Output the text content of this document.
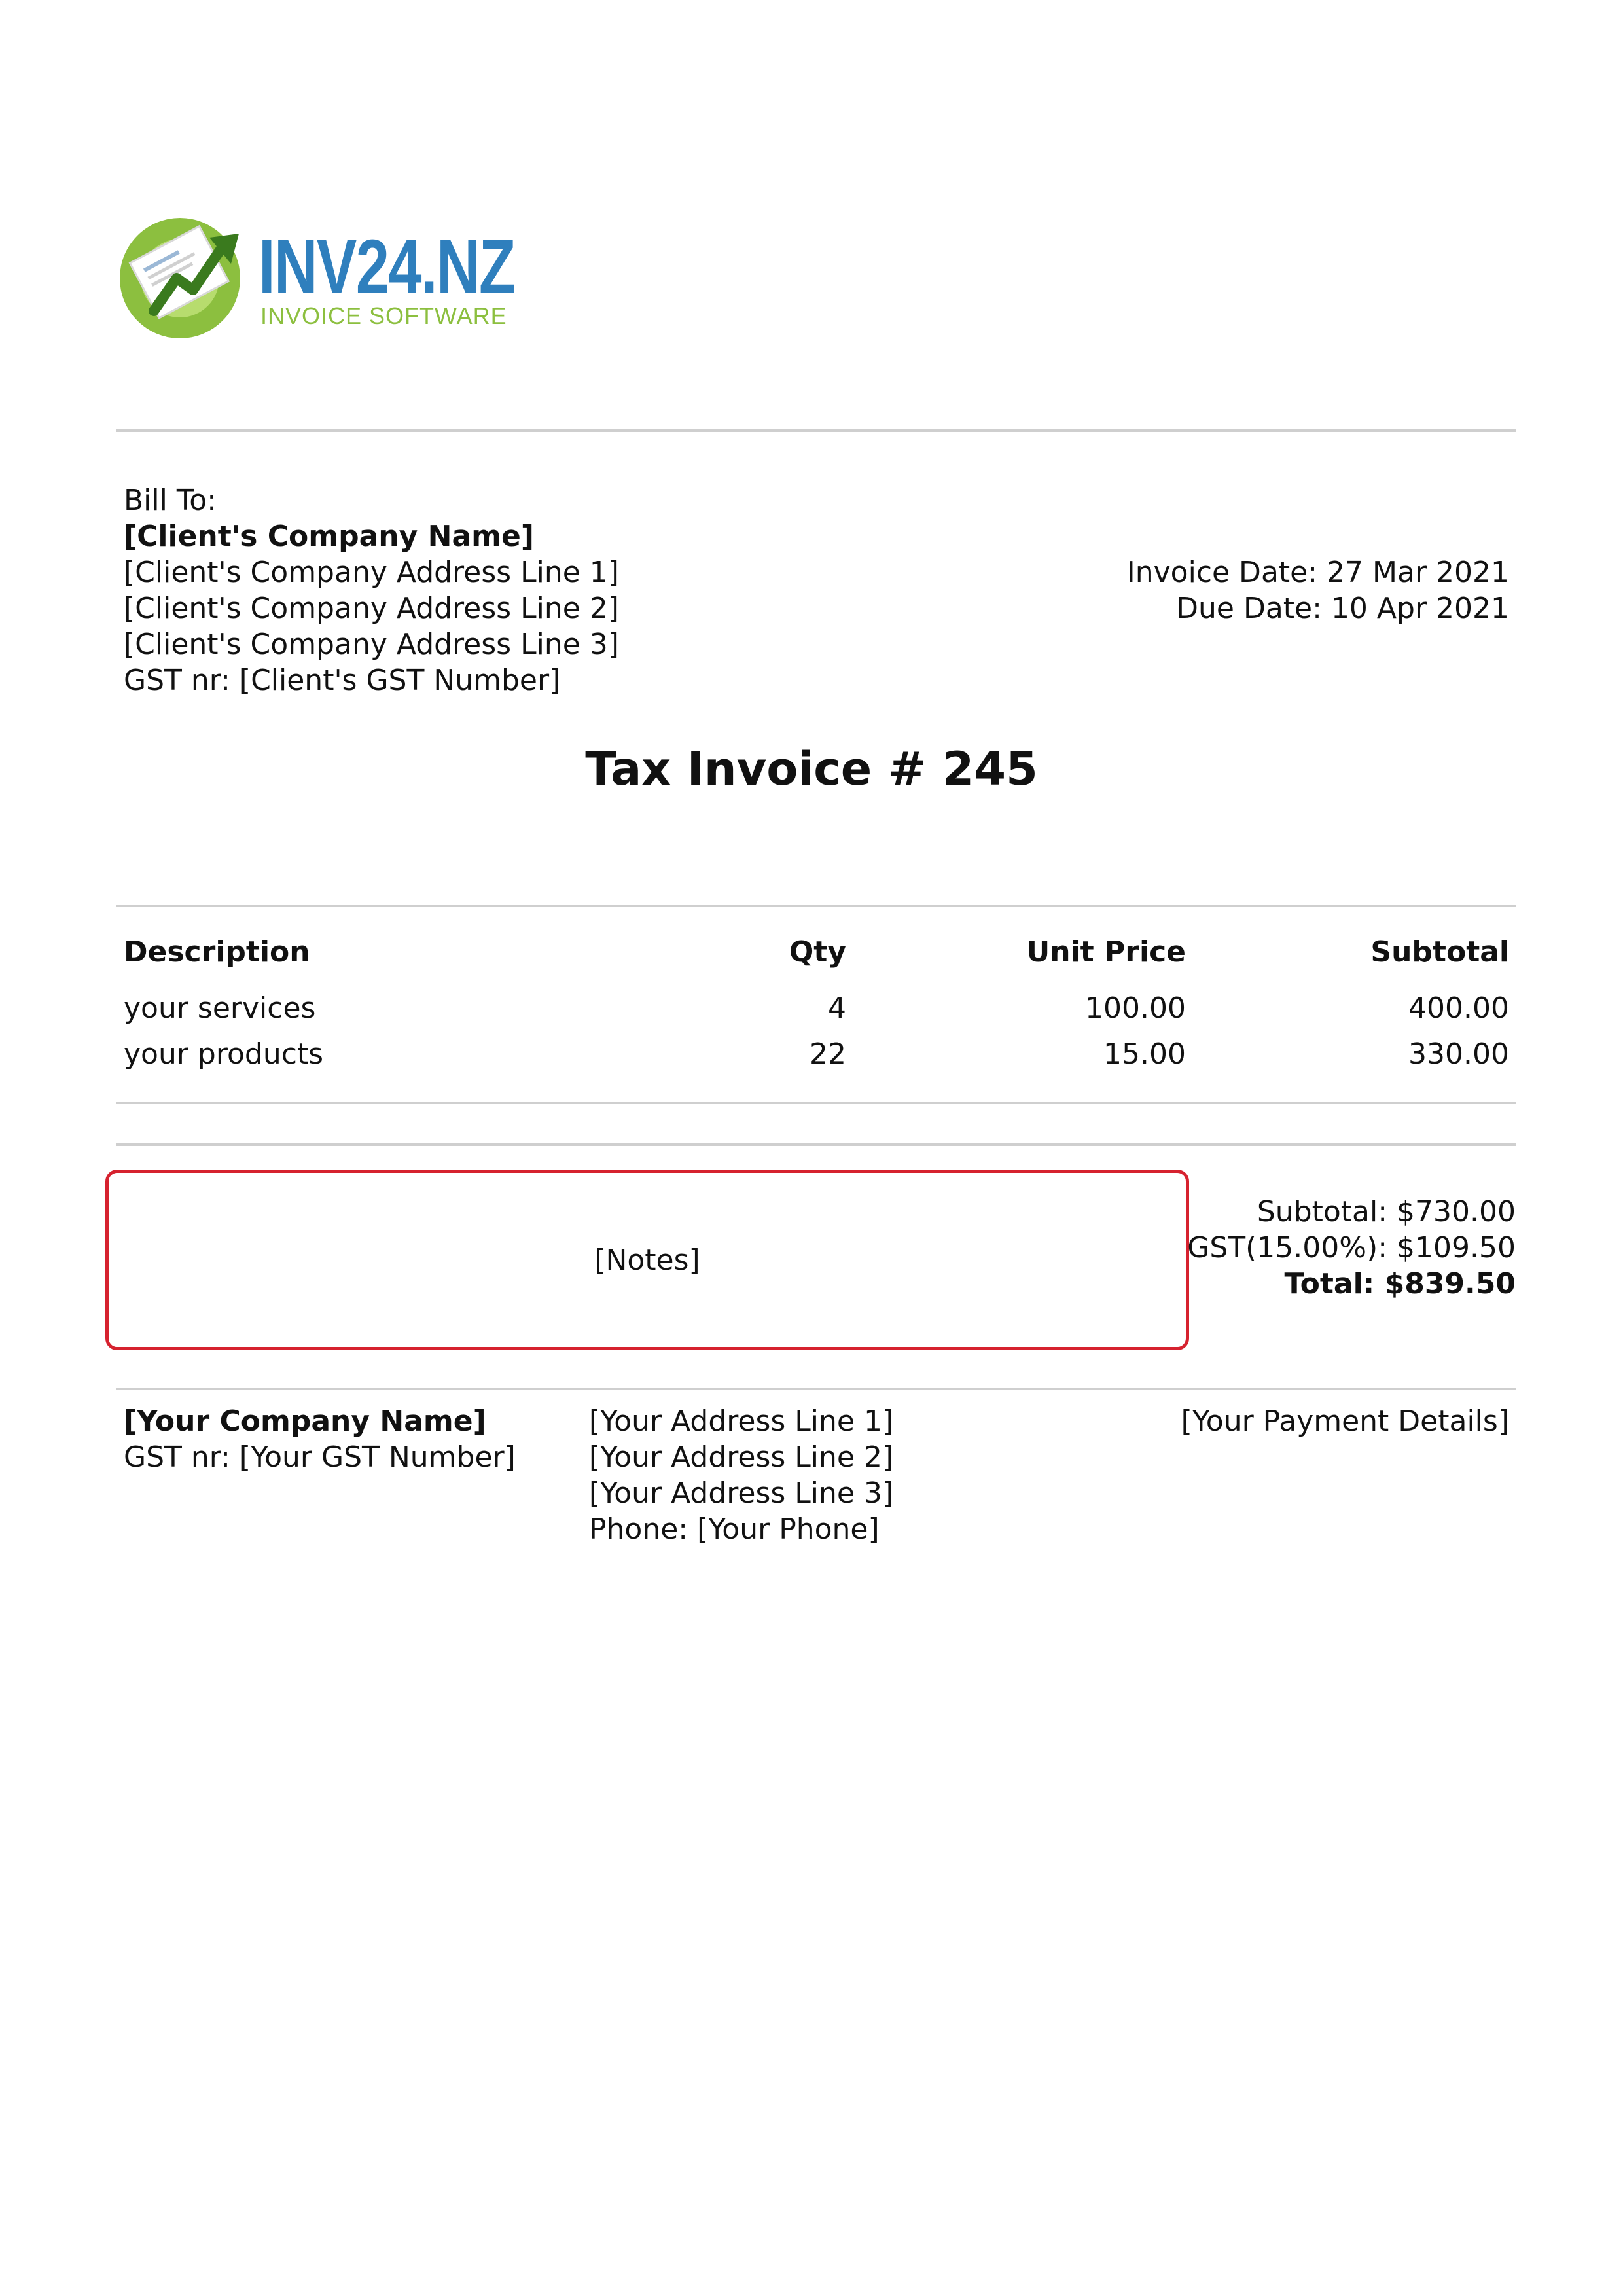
INV24.NZ
INVOICE SOFTWARE
Bill To:
[Client's Company Name]
[Client's Company Address Line 1]
[Client's Company Address Line 2]
[Client's Company Address Line 3]
GST nr: [Client's GST Number]
Invoice Date: 27 Mar 2021
Due Date: 10 Apr 2021
Tax Invoice # 245
Description	Qty	Unit Price	Subtotal
your services	4	100.00	400.00
your products	22	15.00	330.00
[Notes]
Subtotal: $730.00
GST(15.00%): $109.50
Total: $839.50
[Your Company Name]
GST nr: [Your GST Number]
[Your Address Line 1]
[Your Address Line 2]
[Your Address Line 3]
Phone: [Your Phone]
[Your Payment Details]
